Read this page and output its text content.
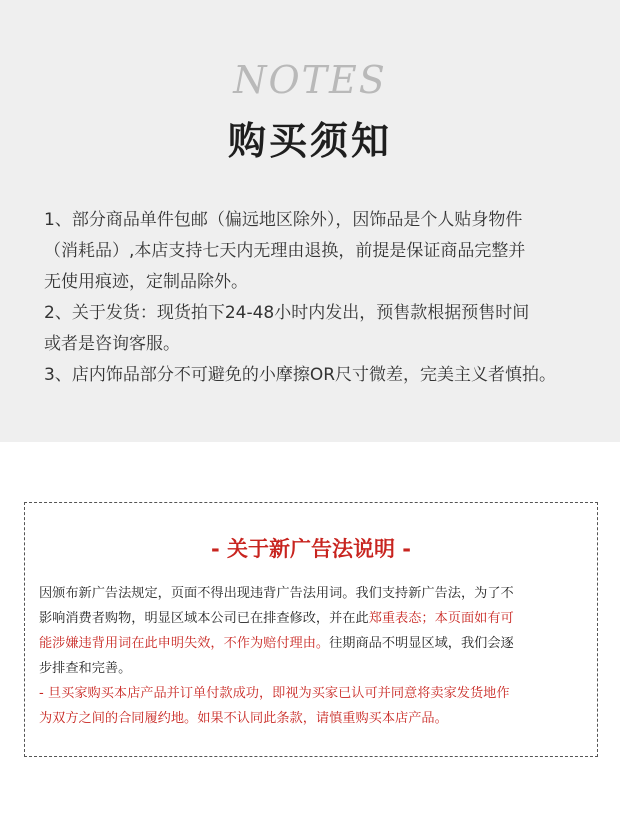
NOTES
购买须知
1、部分商品单件包邮（偏远地区除外），因饰品是个人贴身物件
（消耗品）,本店支持七天内无理由退换，前提是保证商品完整并
无使用痕迹，定制品除外。
2、关于发货：现货拍下24-48小时内发出，预售款根据预售时间
或者是咨询客服。
3、店内饰品部分不可避免的小摩擦OR尺寸微差，完美主义者慎拍。
- 关于新广告法说明 -
因颁布新广告法规定，页面不得出现违背广告法用词。我们支持新广告法，为了不
影响消费者购物，明显区域本公司已在排查修改，并在此郑重表态；本页面如有可
能涉嫌违背用词在此申明失效，不作为赔付理由。往期商品不明显区域，我们会逐
步排查和完善。
- 旦买家购买本店产品并订单付款成功，即视为买家已认可并同意将卖家发货地作
为双方之间的合同履约地。如果不认同此条款，请慎重购买本店产品。
